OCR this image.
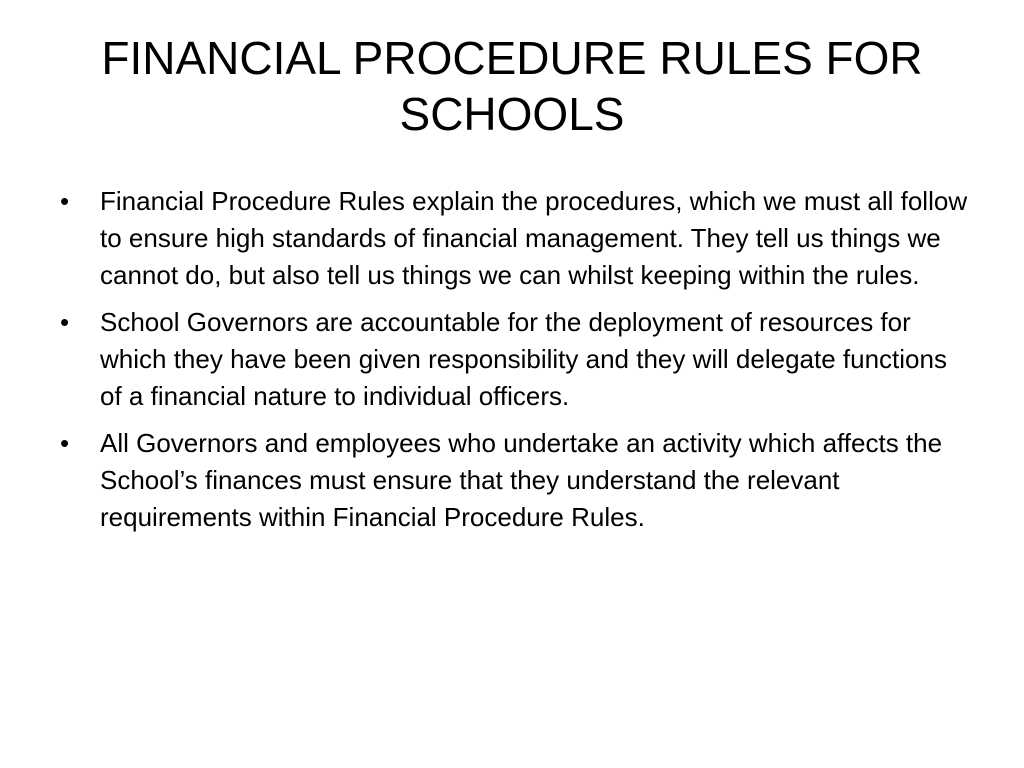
FINANCIAL PROCEDURE RULES FOR SCHOOLS
•	Financial Procedure Rules explain the procedures, which we must all follow to ensure high standards of financial management. They tell us things we cannot do, but also tell us things we can whilst keeping within the rules.
•	School Governors are accountable for the deployment of resources for which they have been given responsibility and they will delegate functions of a financial nature to individual officers.
•	All Governors and employees who undertake an activity which affects the School’s finances must ensure that they understand the relevant requirements within Financial Procedure Rules.
